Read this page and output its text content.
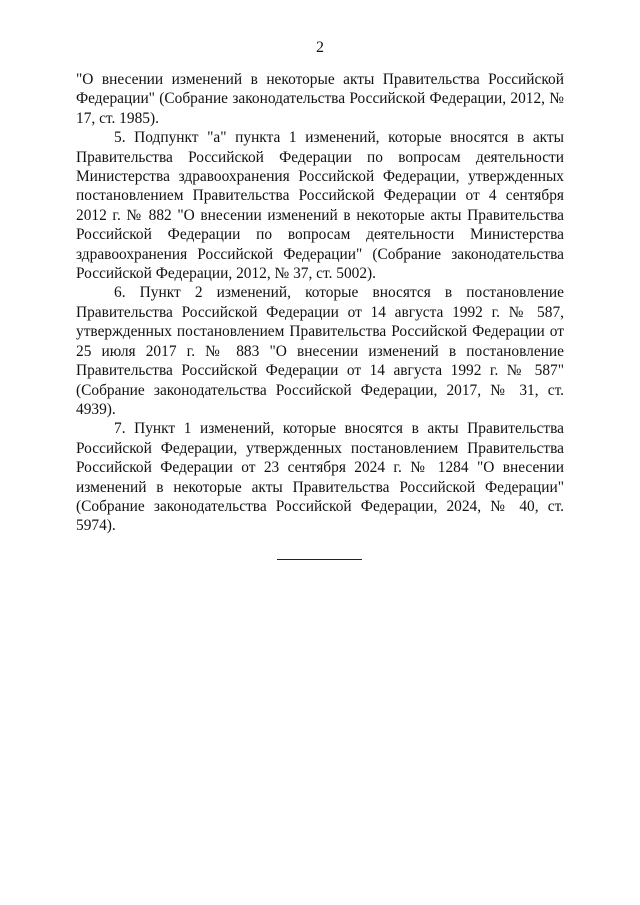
2

"О внесении изменений в некоторые акты Правительства Российской Федерации" (Собрание законодательства Российской Федерации, 2012, № 17, ст. 1985).

5. Подпункт "а" пункта 1 изменений, которые вносятся в акты Правительства Российской Федерации по вопросам деятельности Министерства здравоохранения Российской Федерации, утвержденных постановлением Правительства Российской Федерации от 4 сентября 2012 г. № 882 "О внесении изменений в некоторые акты Правительства Российской Федерации по вопросам деятельности Министерства здравоохранения Российской Федерации" (Собрание законодательства Российской Федерации, 2012, № 37, ст. 5002).

6. Пункт 2 изменений, которые вносятся в постановление Правительства Российской Федерации от 14 августа 1992 г. № 587, утвержденных постановлением Правительства Российской Федерации от 25 июля 2017 г. № 883 "О внесении изменений в постановление Правительства Российской Федерации от 14 августа 1992 г. № 587" (Собрание законодательства Российской Федерации, 2017, № 31, ст. 4939).

7. Пункт 1 изменений, которые вносятся в акты Правительства Российской Федерации, утвержденных постановлением Правительства Российской Федерации от 23 сентября 2024 г. № 1284 "О внесении изменений в некоторые акты Правительства Российской Федерации" (Собрание законодательства Российской Федерации, 2024, № 40, ст. 5974).
